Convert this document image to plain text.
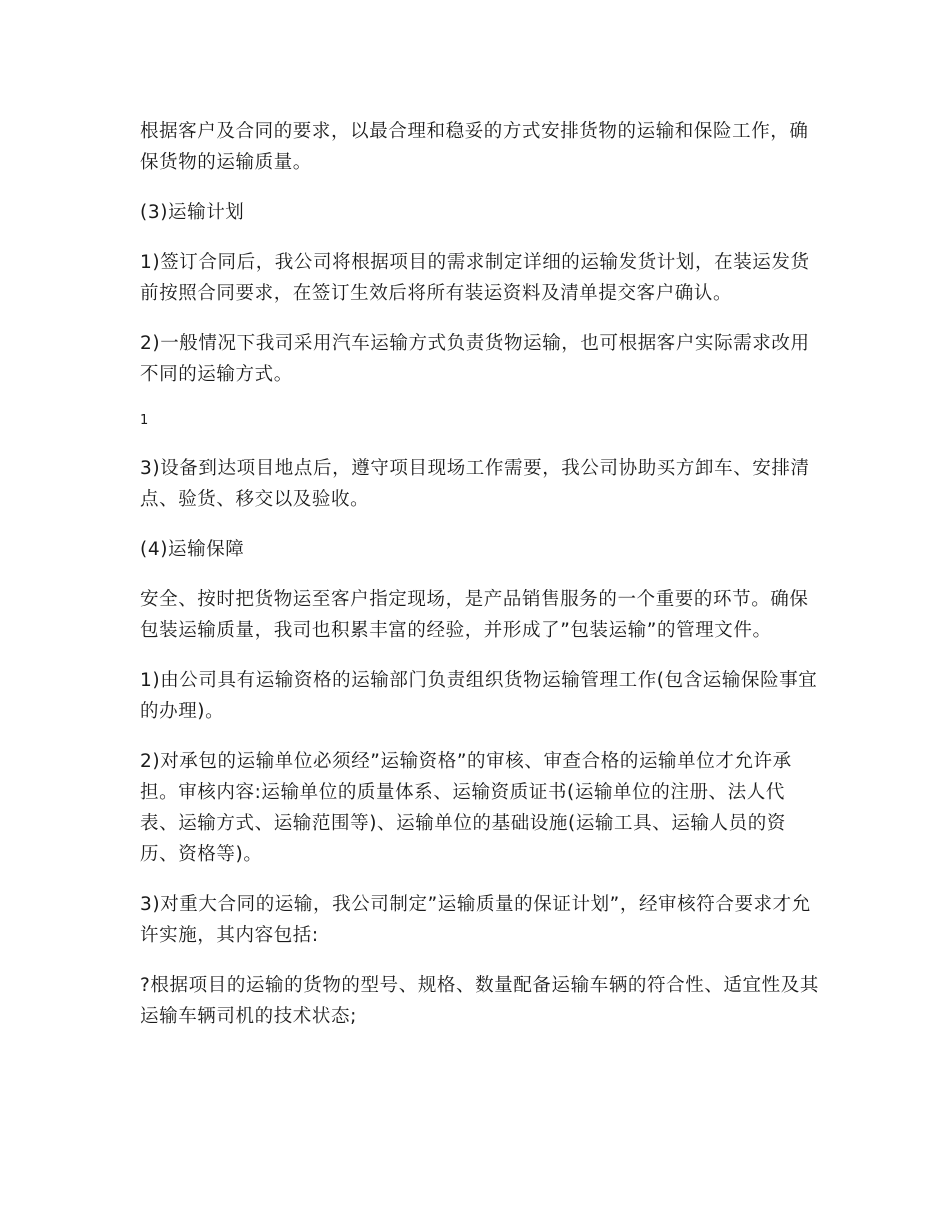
根据客户及合同的要求，以最合理和稳妥的方式安排货物的运输和保险工作，确保货物的运输质量。

(3)运输计划

1)签订合同后，我公司将根据项目的需求制定详细的运输发货计划，在装运发货前按照合同要求，在签订生效后将所有装运资料及清单提交客户确认。

2)一般情况下我司采用汽车运输方式负责货物运输，也可根据客户实际需求改用不同的运输方式。

1

3)设备到达项目地点后，遵守项目现场工作需要，我公司协助买方卸车、安排清点、验货、移交以及验收。

(4)运输保障

安全、按时把货物运至客户指定现场，是产品销售服务的一个重要的环节。确保包装运输质量，我司也积累丰富的经验，并形成了”包装运输”的管理文件。

1)由公司具有运输资格的运输部门负责组织货物运输管理工作(包含运输保险事宜的办理)。

2)对承包的运输单位必须经”运输资格”的审核、审查合格的运输单位才允许承担。审核内容:运输单位的质量体系、运输资质证书(运输单位的注册、法人代表、运输方式、运输范围等)、运输单位的基础设施(运输工具、运输人员的资历、资格等)。

3)对重大合同的运输，我公司制定”运输质量的保证计划”，经审核符合要求才允许实施，其内容包括:

?根据项目的运输的货物的型号、规格、数量配备运输车辆的符合性、适宜性及其运输车辆司机的技术状态;
